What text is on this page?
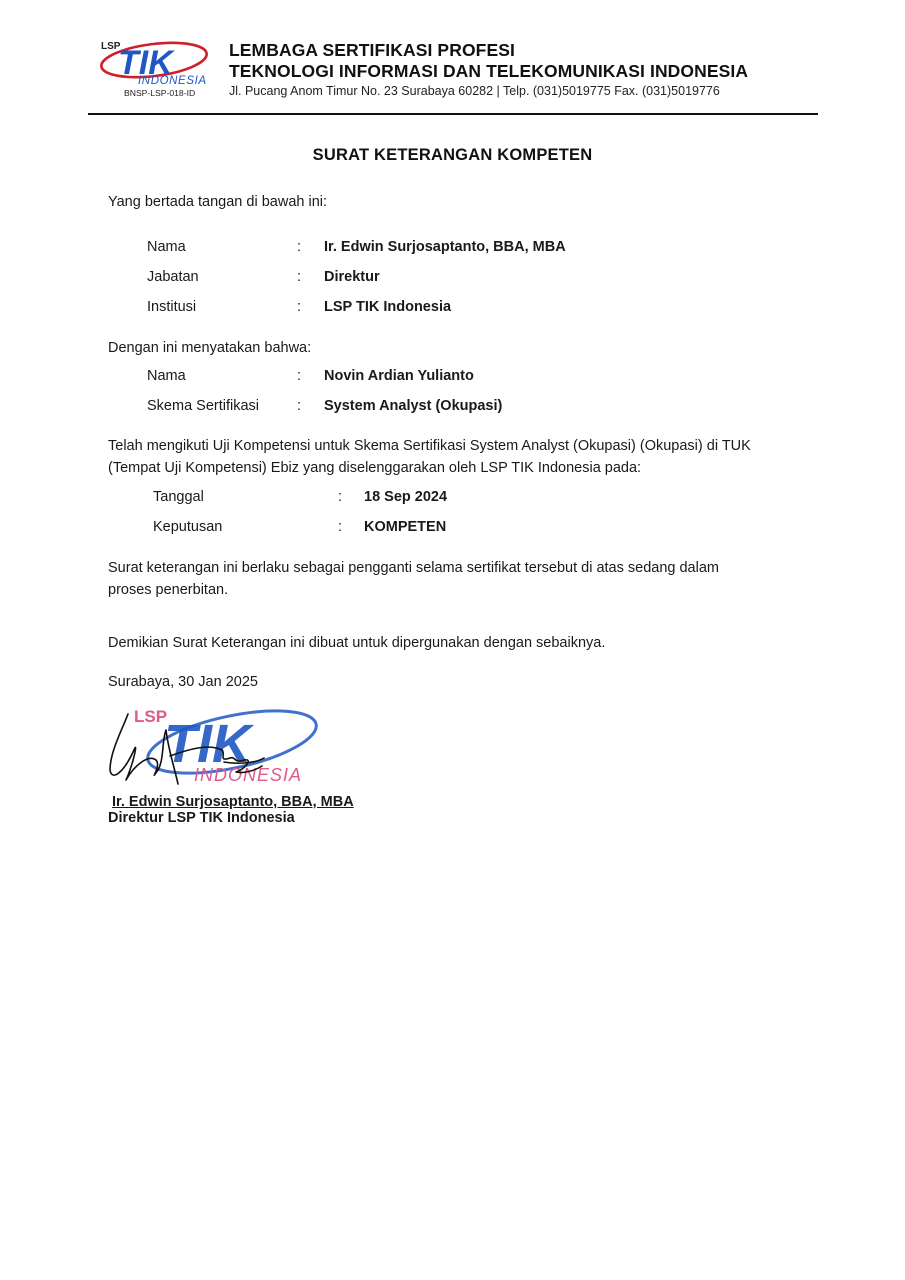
LSP
TIK
INDONESIA
BNSP-LSP-018-ID
LEMBAGA SERTIFIKASI PROFESI
TEKNOLOGI INFORMASI DAN TELEKOMUNIKASI INDONESIA
Jl. Pucang Anom Timur No. 23 Surabaya 60282 | Telp. (031)5019775 Fax. (031)5019776
SURAT KETERANGAN KOMPETEN
Yang bertada tangan di bawah ini:
Nama	: Ir. Edwin Surjosaptanto, BBA, MBA
Jabatan	: Direktur
Institusi	: LSP TIK Indonesia
Dengan ini menyatakan bahwa:
Nama	: Novin Ardian Yulianto
Skema Sertifikasi	: System Analyst (Okupasi)
Telah mengikuti Uji Kompetensi untuk Skema Sertifikasi System Analyst (Okupasi) (Okupasi) di TUK
(Tempat Uji Kompetensi) Ebiz yang diselenggarakan oleh LSP TIK Indonesia pada:
Tanggal	: 18 Sep 2024
Keputusan	: KOMPETEN
Surat keterangan ini berlaku sebagai pengganti selama sertifikat tersebut di atas sedang dalam
proses penerbitan.
Demikian Surat Keterangan ini dibuat untuk dipergunakan dengan sebaiknya.
Surabaya, 30 Jan 2025
LSP
TIK
INDONESIA
Ir. Edwin Surjosaptanto, BBA, MBA
Direktur LSP TIK Indonesia
